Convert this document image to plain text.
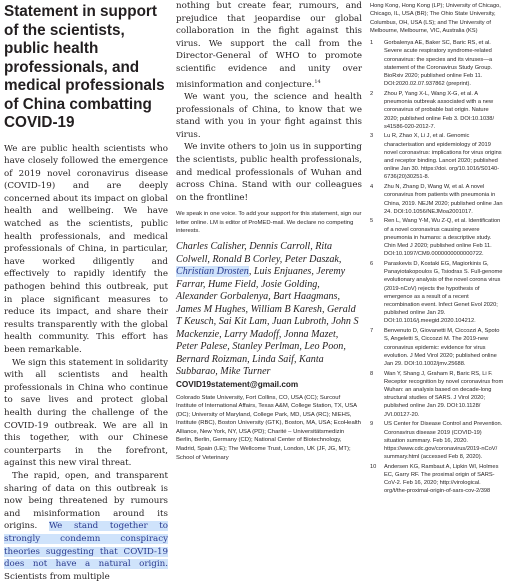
Statement in support of the scientists, public health professionals, and medical professionals of China combatting COVID-19

We are public health scientists who have closely followed the emergence of 2019 novel coronavirus disease (COVID-19) and are deeply concerned about its impact on global health and wellbeing. We have watched as the scientists, public health professionals, and medical professionals of China, in particular, have worked diligently and effectively to rapidly identify the pathogen behind this outbreak, put in place significant measures to reduce its impact, and share their results transparently with the global health community. This effort has been remarkable.

We sign this statement in solidarity with all scientists and health professionals in China who continue to save lives and protect global health during the challenge of the COVID-19 outbreak. We are all in this together, with our Chinese counterparts in the forefront, against this new viral threat.

The rapid, open, and transparent sharing of data on this outbreak is now being threatened by rumours and misinformation around its origins. We stand together to strongly condemn conspiracy theories suggesting that COVID-19 does not have a natural origin. Scientists from multiple

nothing but create fear, rumours, and prejudice that jeopardise our global collaboration in the fight against this virus. We support the call from the Director-General of WHO to promote scientific evidence and unity over misinformation and conjecture.$^{14}$

We want you, the science and health professionals of China, to know that we stand with you in your fight against this virus.

We invite others to join us in supporting the scientists, public health professionals, and medical professionals of Wuhan and across China. Stand with our colleagues on the frontline!

We speak in one voice. To add your support for this statement, sign our letter online. LM is editor of ProMED-mail. We declare no competing interests.
Charles Calisher, Dennis Carroll, Rita Colwell, Ronald B Corley, Peter Daszak, Christian Drosten, Luis Enjuanes, Jeremy Farrar, Hume Field, Josie Golding, Alexander Gorbalenya, Bart Haagmans, James M Hughes, William B Karesh, Gerald T Keusch, Sai Kit Lam, Juan Lubroth, John S Mackenzie, Larry Madoff, Jonna Mazet, Peter Palese, Stanley Perlman, Leo Poon, Bernard Roizman, Linda Saif, Kanta Subbarao, Mike Turner
COVID19statement@gmail.com
Colorado State University, Fort Collins, CO, USA (CC); Surcouf Institute of International Affairs, Texas A&M, College Station, TX, USA (DC); University of Maryland, College Park, MD, USA (RC); NIEHS, Institute (RBC), Boston University (GTK), Boston, MA, USA; EcoHealth Alliance, New York, NY, USA (PD); Charité – Universitätsmedizin Berlin, Berlin, Germany (CD); National Center of Biotechnology, Madrid, Spain (LE); The Wellcome Trust, London, UK (JF, JG, MT); School of Veterinary
Hong Kong, Hong Kong (LP); University of Chicago, Chicago, IL, USA (BR); The Ohio State University, Columbus, OH, USA (LS); and The University of Melbourne, Melbourne, VIC, Australia (KS)
1 Gorbalenya AE, Baker SC, Baric RS, et al. Severe acute respiratory syndrome-related coronavirus: the species and its viruses—a statement of the Coronavirus Study Group. BioRxiv 2020; published online Feb 11. DOI:2020.02.07.937862 (preprint).
2 Zhou P, Yang X-L, Wang X-G, et al. A pneumonia outbreak associated with a new coronavirus of probable bat origin. Nature 2020; published online Feb 3. DOI:10.1038/ s41586-020-2012-7.
3 Lu R, Zhao X, Li J, et al. Genomic characterisation and epidemiology of 2019 novel coronavirus: implications for virus origins and receptor binding. Lancet 2020; published online Jan 30. https://doi. org/10.1016/S0140-6736(20)30251-8.
4 Zhu N, Zhang D, Wang W, et al. A novel coronavirus from patients with pneumonia in China, 2019. NEJM 2020; published online Jan 24. DOI:10.1056/NEJMoa2001017.
5 Ren L, Wang Y-M, Wu Z-Q, et al. Identification of a novel coronavirus causing severe pneumonia in humans: a descriptive study. Chin Med J 2020; published online Feb 11. DOI:10.1097/CM9.0000000000000722.
6 Paraskevis D, Kostaki EG, Magiorkinis G, Panayiotakopoulos G, Tsiodras S. Full-genome evolutionary analysis of the novel corona virus (2019-nCoV) rejects the hypothesis of emergence as a result of a recent recombination event. Infect Genet Evol 2020; published online Jan 29. DOI:10.1016/j.meegid.2020.104212.
7 Benvenuto D, Giovanetti M, Ciccozzi A, Spoto S, Angeletti S, Ciccozzi M. The 2019-new coronavirus epidemic: evidence for virus evolution. J Med Virol 2020; published online Jan 29. DOI:10.1002/jmv.25688.
8 Wan Y, Shang J, Graham R, Baric RS, Li F. Receptor recognition by novel coronavirus from Wuhan: an analysis based on decade-long structural studies of SARS. J Virol 2020; published online Jan 29. DOI:10.1128/ JVI.00127-20.
9 US Center for Disease Control and Prevention. Coronavirus disease 2019 (COVID-19) situation summary. Feb 16, 2020. https://www.cdc.gov/coronavirus/2019-nCoV/ summary.html (accessed Feb 8, 2020).
10 Andersen KG, Rambaut A, Lipkin WI, Holmes EC, Garry RF. The proximal origin of SARS-CoV-2. Feb 16, 2020; http://virological. org/t/the-proximal-origin-of-sars-cov-2/398
